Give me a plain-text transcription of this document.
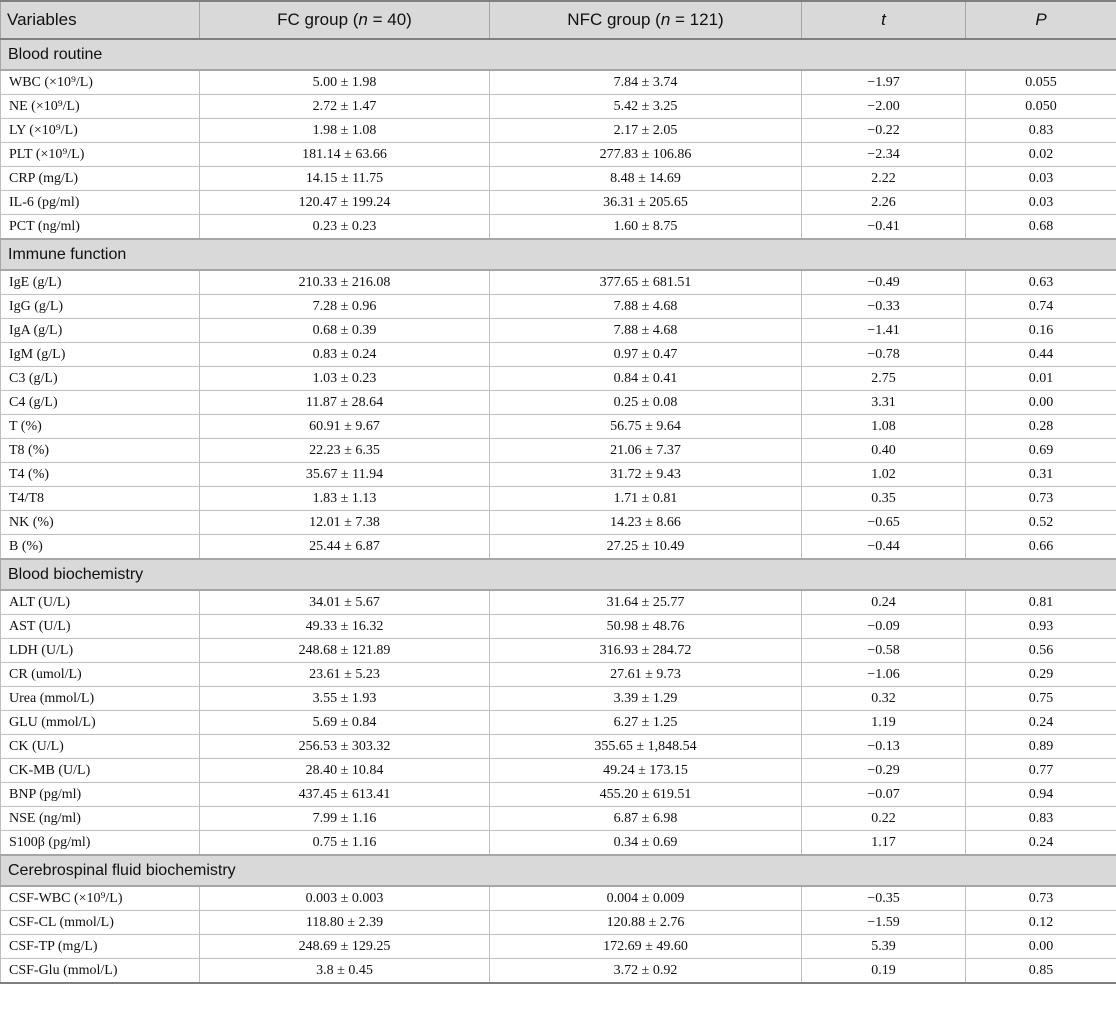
Variables	FC group (n = 40)	NFC group (n = 121)	t	P
Blood routine				
WBC (×10⁹/L)	5.00 ± 1.98	7.84 ± 3.74	−1.97	0.055
NE (×10⁹/L)	2.72 ± 1.47	5.42 ± 3.25	−2.00	0.050
LY (×10⁹/L)	1.98 ± 1.08	2.17 ± 2.05	−0.22	0.83
PLT (×10⁹/L)	181.14 ± 63.66	277.83 ± 106.86	−2.34	0.02
CRP (mg/L)	14.15 ± 11.75	8.48 ± 14.69	2.22	0.03
IL-6 (pg/ml)	120.47 ± 199.24	36.31 ± 205.65	2.26	0.03
PCT (ng/ml)	0.23 ± 0.23	1.60 ± 8.75	−0.41	0.68
Immune function				
IgE (g/L)	210.33 ± 216.08	377.65 ± 681.51	−0.49	0.63
IgG (g/L)	7.28 ± 0.96	7.88 ± 4.68	−0.33	0.74
IgA (g/L)	0.68 ± 0.39	7.88 ± 4.68	−1.41	0.16
IgM (g/L)	0.83 ± 0.24	0.97 ± 0.47	−0.78	0.44
C3 (g/L)	1.03 ± 0.23	0.84 ± 0.41	2.75	0.01
C4 (g/L)	11.87 ± 28.64	0.25 ± 0.08	3.31	0.00
T (%)	60.91 ± 9.67	56.75 ± 9.64	1.08	0.28
T8 (%)	22.23 ± 6.35	21.06 ± 7.37	0.40	0.69
T4 (%)	35.67 ± 11.94	31.72 ± 9.43	1.02	0.31
T4/T8	1.83 ± 1.13	1.71 ± 0.81	0.35	0.73
NK (%)	12.01 ± 7.38	14.23 ± 8.66	−0.65	0.52
B (%)	25.44 ± 6.87	27.25 ± 10.49	−0.44	0.66
Blood biochemistry				
ALT (U/L)	34.01 ± 5.67	31.64 ± 25.77	0.24	0.81
AST (U/L)	49.33 ± 16.32	50.98 ± 48.76	−0.09	0.93
LDH (U/L)	248.68 ± 121.89	316.93 ± 284.72	−0.58	0.56
CR (umol/L)	23.61 ± 5.23	27.61 ± 9.73	−1.06	0.29
Urea (mmol/L)	3.55 ± 1.93	3.39 ± 1.29	0.32	0.75
GLU (mmol/L)	5.69 ± 0.84	6.27 ± 1.25	1.19	0.24
CK (U/L)	256.53 ± 303.32	355.65 ± 1,848.54	−0.13	0.89
CK-MB (U/L)	28.40 ± 10.84	49.24 ± 173.15	−0.29	0.77
BNP (pg/ml)	437.45 ± 613.41	455.20 ± 619.51	−0.07	0.94
NSE (ng/ml)	7.99 ± 1.16	6.87 ± 6.98	0.22	0.83
S100β (pg/ml)	0.75 ± 1.16	0.34 ± 0.69	1.17	0.24
Cerebrospinal fluid biochemistry				
CSF-WBC (×10⁹/L)	0.003 ± 0.003	0.004 ± 0.009	−0.35	0.73
CSF-CL (mmol/L)	118.80 ± 2.39	120.88 ± 2.76	−1.59	0.12
CSF-TP (mg/L)	248.69 ± 129.25	172.69 ± 49.60	5.39	0.00
CSF-Glu (mmol/L)	3.8 ± 0.45	3.72 ± 0.92	0.19	0.85
